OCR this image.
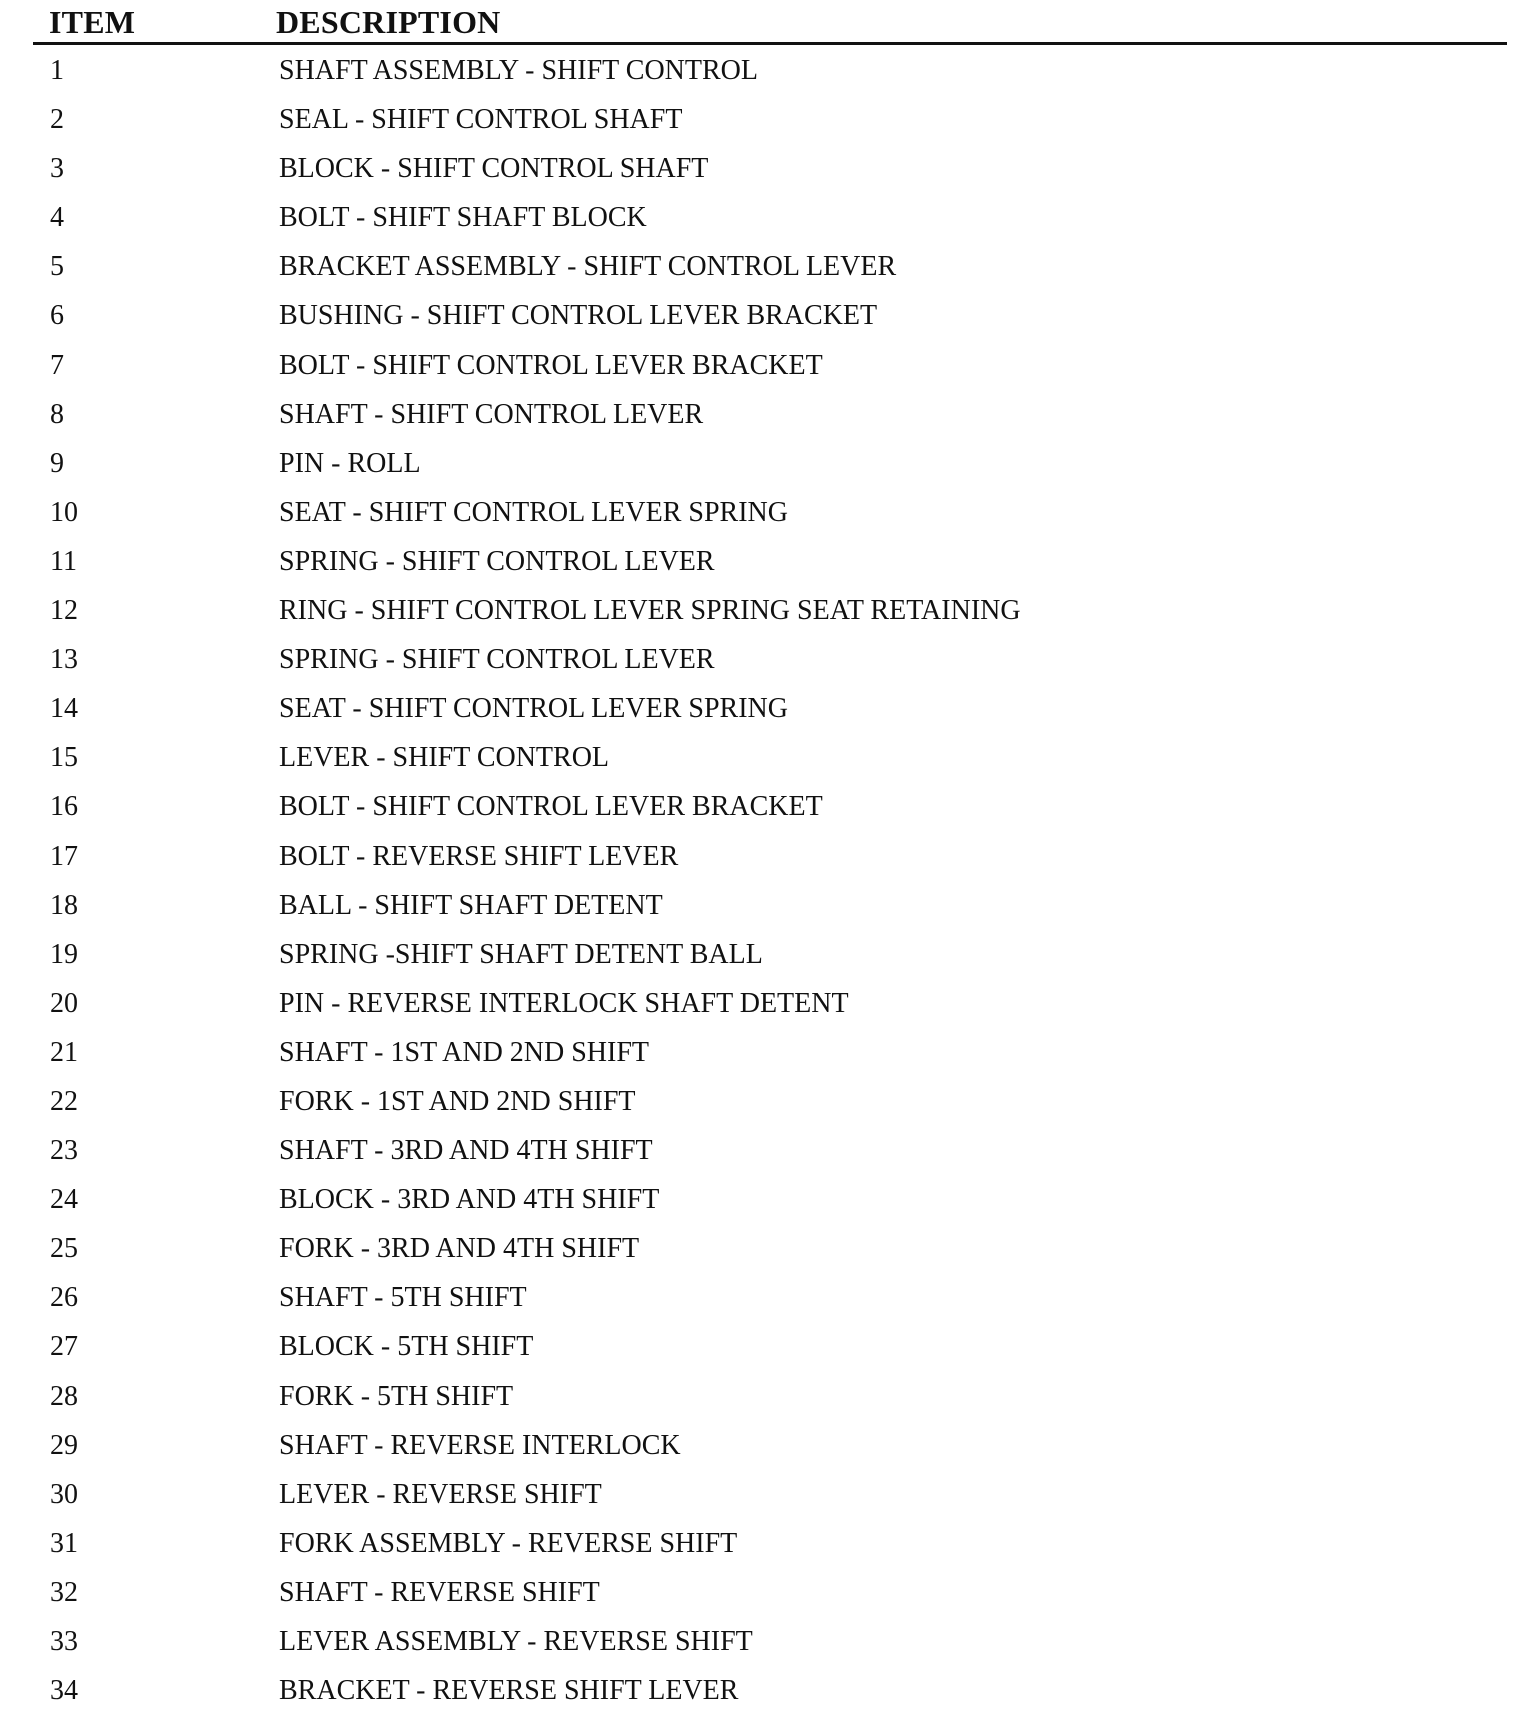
ITEM	DESCRIPTION
1	SHAFT ASSEMBLY - SHIFT CONTROL
2	SEAL - SHIFT CONTROL SHAFT
3	BLOCK - SHIFT CONTROL SHAFT
4	BOLT - SHIFT SHAFT BLOCK
5	BRACKET ASSEMBLY - SHIFT CONTROL LEVER
6	BUSHING - SHIFT CONTROL LEVER BRACKET
7	BOLT - SHIFT CONTROL LEVER BRACKET
8	SHAFT - SHIFT CONTROL LEVER
9	PIN - ROLL
10	SEAT - SHIFT CONTROL LEVER SPRING
11	SPRING - SHIFT CONTROL LEVER
12	RING - SHIFT CONTROL LEVER SPRING SEAT RETAINING
13	SPRING - SHIFT CONTROL LEVER
14	SEAT - SHIFT CONTROL LEVER SPRING
15	LEVER - SHIFT CONTROL
16	BOLT - SHIFT CONTROL LEVER BRACKET
17	BOLT - REVERSE SHIFT LEVER
18	BALL - SHIFT SHAFT DETENT
19	SPRING -SHIFT SHAFT DETENT BALL
20	PIN - REVERSE INTERLOCK SHAFT DETENT
21	SHAFT - 1ST AND 2ND SHIFT
22	FORK - 1ST AND 2ND SHIFT
23	SHAFT - 3RD AND 4TH SHIFT
24	BLOCK - 3RD AND 4TH SHIFT
25	FORK - 3RD AND 4TH SHIFT
26	SHAFT - 5TH SHIFT
27	BLOCK - 5TH SHIFT
28	FORK - 5TH SHIFT
29	SHAFT - REVERSE INTERLOCK
30	LEVER - REVERSE SHIFT
31	FORK ASSEMBLY - REVERSE SHIFT
32	SHAFT - REVERSE SHIFT
33	LEVER ASSEMBLY - REVERSE SHIFT
34	BRACKET - REVERSE SHIFT LEVER
